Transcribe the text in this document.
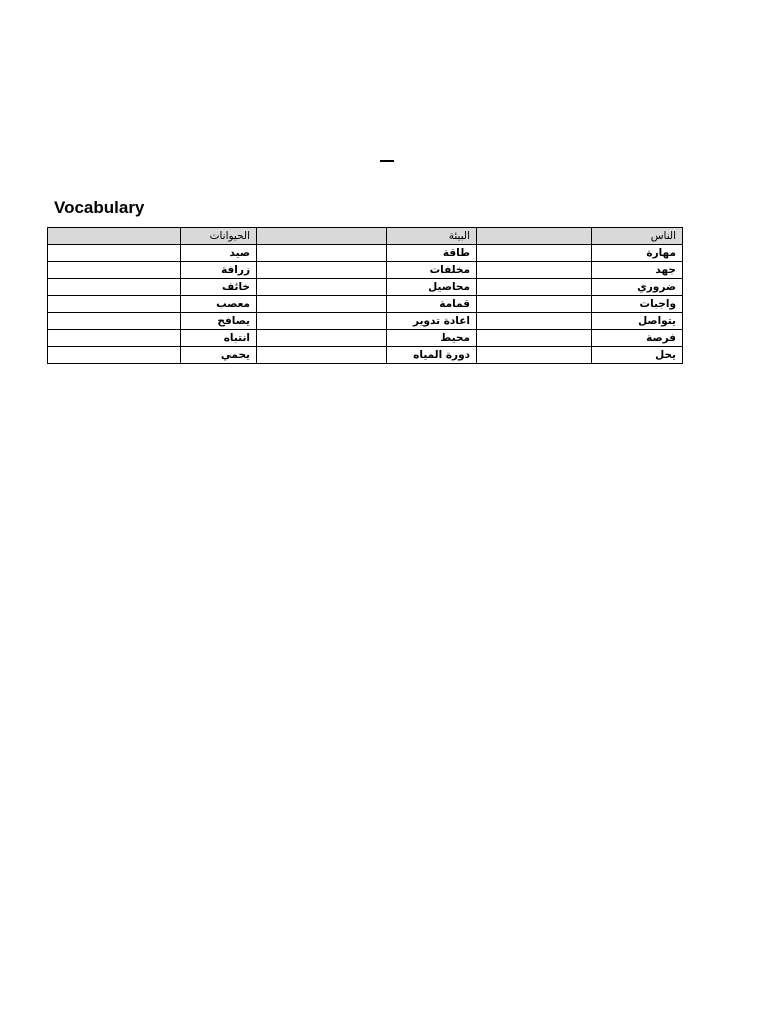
Vocabulary
	الحيوانات		البيئة		الناس
	صيد		طاقة		مهارة
	زرافة		مخلفات		جهد
	خائف		محاصيل		ضروري
	معصب		قمامة		واجبات
	يصافح		اعادة تدوير		يتواصل
	انتباه		محيط		فرصة
	يحمي		دورة المياه		يحل
